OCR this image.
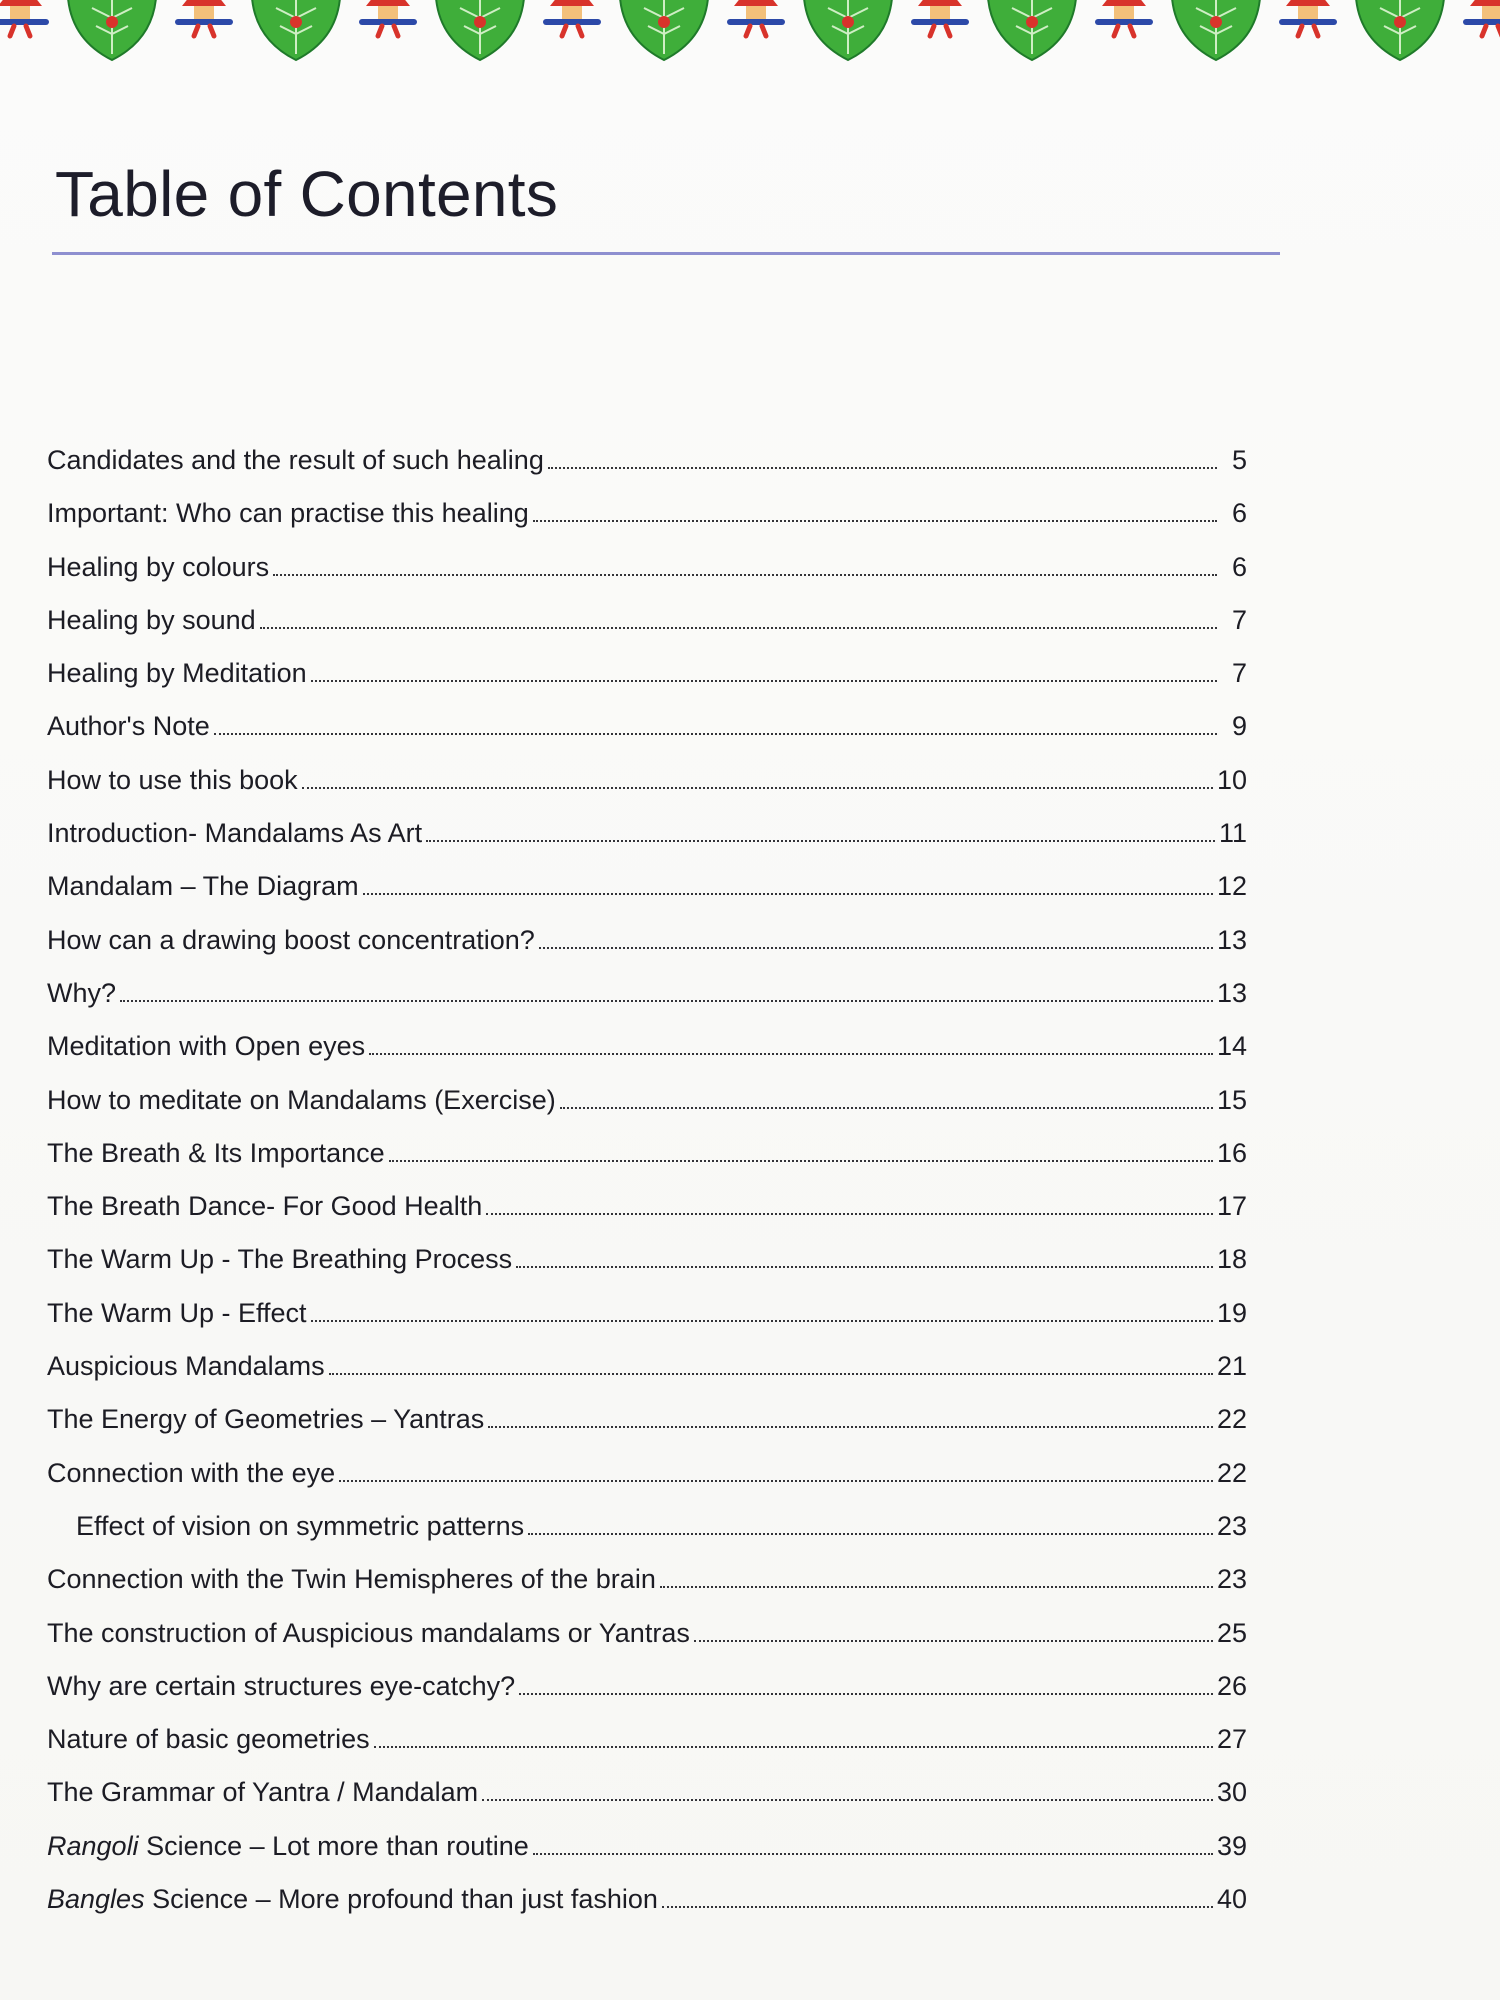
Table of Contents
Candidates and the result of such healing	5
Important: Who can practise this healing	6
Healing by colours	6
Healing by sound	7
Healing by Meditation	7
Author's Note	9
How to use this book	10
Introduction- Mandalams As Art	11
Mandalam – The Diagram	12
How can a drawing boost concentration?	13
Why?	13
Meditation with Open eyes	14
How to meditate on Mandalams (Exercise)	15
The Breath & Its Importance	16
The Breath Dance- For Good Health	17
The Warm Up - The Breathing Process	18
The Warm Up - Effect	19
Auspicious Mandalams	21
The Energy of Geometries – Yantras	22
Connection with the eye	22
Effect of vision on symmetric patterns	23
Connection with the Twin Hemispheres of the brain	23
The construction of Auspicious mandalams or Yantras	25
Why are certain structures eye-catchy?	26
Nature of basic geometries	27
The Grammar of Yantra / Mandalam	30
Rangoli Science – Lot more than routine	39
Bangles Science – More profound than just fashion	40
